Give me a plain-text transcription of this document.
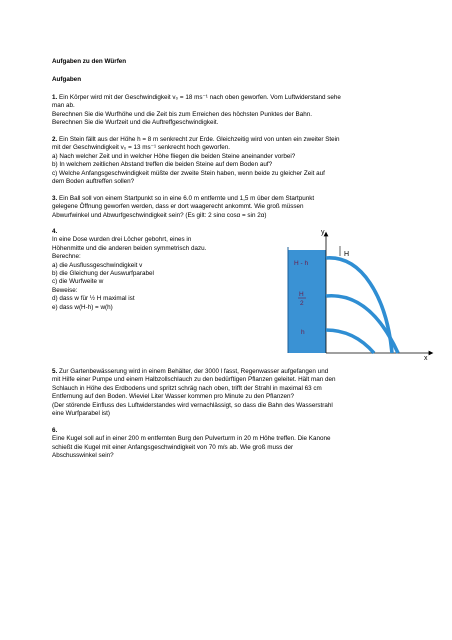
Aufgaben zu den Würfen
Aufgaben
1. Ein Körper wird mit der Geschwindigkeit v₀ = 18 ms⁻¹ nach oben geworfen. Vom Luftwiderstand sehe
man ab.
Berechnen Sie die Wurfhöhe und die Zeit bis zum Erreichen des höchsten Punktes der Bahn.
Berechnen Sie die Wurfzeit und die Auftreffgeschwindigkeit.
2. Ein Stein fällt aus der Höhe h = 8 m senkrecht zur Erde. Gleichzeitig wird von unten ein zweiter Stein
mit der Geschwindigkeit v₀ = 13 ms⁻¹ senkrecht hoch geworfen.
a) Nach welcher Zeit und in welcher Höhe fliegen die beiden Steine aneinander vorbei?
b) In welchem zeitlichen Abstand treffen die beiden Steine auf dem Boden auf?
c) Welche Anfangsgeschwindigkeit müßte der zweite Stein haben, wenn beide zu gleicher Zeit auf
dem Boden auftreffen sollen?
3. Ein Ball soll von einem Startpunkt so in eine 6.0 m entfernte und 1,5 m über dem Startpunkt
gelegene Öffnung geworfen werden, dass er dort waagerecht ankommt. Wie groß müssen
Abwurfwinkel und Abwurfgeschwindigkeit sein? (Es gilt: 2 sinα cosα = sin 2α)
4.
In eine Dose wurden drei Löcher gebohrt, eines in
Höhenmitte und die anderen beiden symmetrisch dazu.
Berechne:
a) die Ausflussgeschwindigkeit v
b) die Gleichung der Auswurfparabel
c) die Wurfweite w
Beweise:
d) dass w für ½ H maximal ist
e) dass w(H-h) = w(h)
y
x
H
H - h
H
2
h
5. Zur Gartenbewässerung wird in einem Behälter, der 3000 l fasst, Regenwasser aufgefangen und
mit Hilfe einer Pumpe und einem Halbzollschlauch zu den bedürftigen Pflanzen geleitet. Hält man den
Schlauch in Höhe des Erdbodens und spritzt schräg nach oben, trifft der Strahl in maximal 63 cm
Entfernung auf den Boden. Wieviel Liter Wasser kommen pro Minute zu den Pflanzen?
(Der störende Einfluss des Luftwiderstandes wird vernachlässigt, so dass die Bahn des Wasserstrahl
eine Wurfparabel ist)
6.
Eine Kugel soll auf in einer 200 m entfernten Burg den Pulverturm in 20 m Höhe treffen. Die Kanone
schießt die Kugel mit einer Anfangsgeschwindigkeit von 70 m/s ab. Wie groß muss der
Abschusswinkel sein?
